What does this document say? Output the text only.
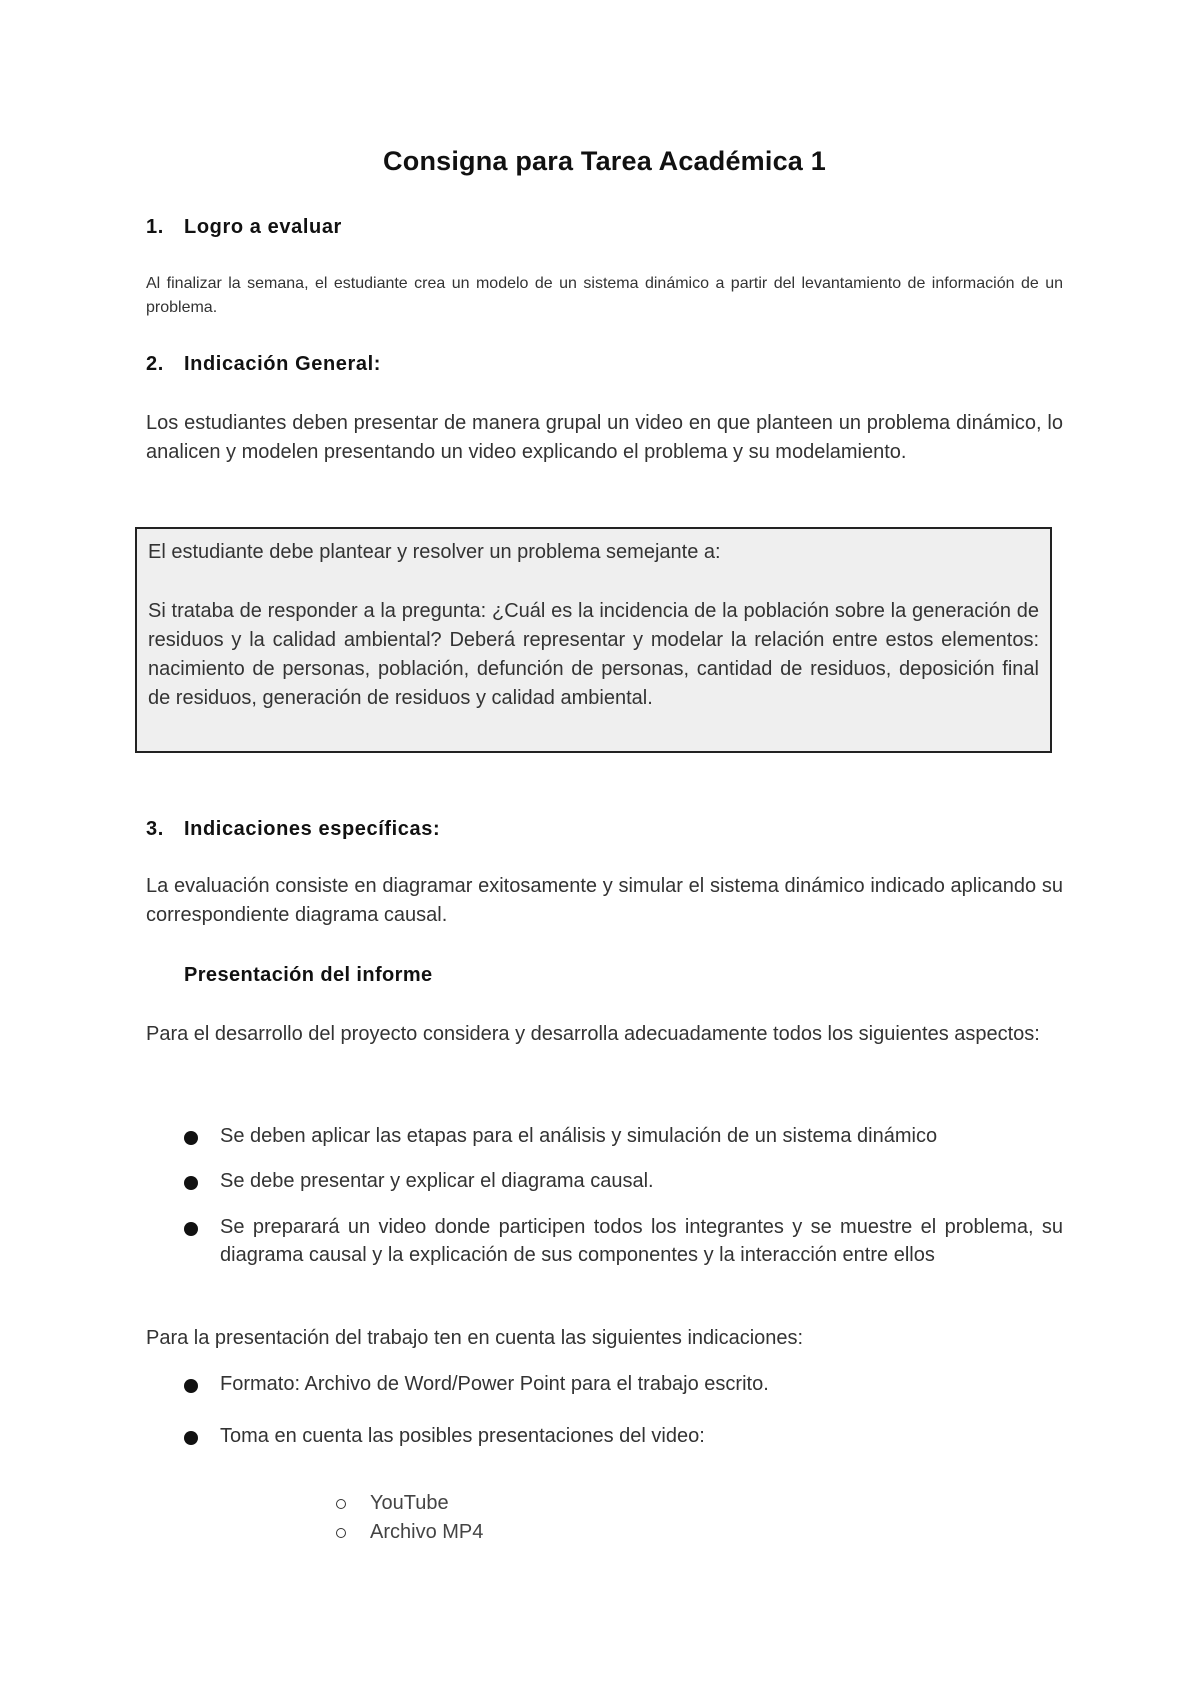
Consigna para Tarea Académica 1
1. Logro a evaluar
Al finalizar la semana, el estudiante crea un modelo de un sistema dinámico a partir del levantamiento de información de un problema.
2. Indicación General:
Los estudiantes deben presentar de manera grupal un video en que planteen un problema dinámico, lo analicen y modelen presentando un video explicando el problema y su modelamiento.
El estudiante debe plantear y resolver un problema semejante a:
Si trataba de responder a la pregunta: ¿Cuál es la incidencia de la población sobre la generación de residuos y la calidad ambiental? Deberá representar y modelar la relación entre estos elementos: nacimiento de personas, población, defunción de personas, cantidad de residuos, deposición final de residuos, generación de residuos y calidad ambiental.
3. Indicaciones específicas:
La evaluación consiste en diagramar exitosamente y simular el sistema dinámico indicado aplicando su correspondiente diagrama causal.
Presentación del informe
Para el desarrollo del proyecto considera y desarrolla adecuadamente todos los siguientes aspectos:
Se deben aplicar las etapas para el análisis y simulación de un sistema dinámico
Se debe presentar y explicar el diagrama causal.
Se preparará un video donde participen todos los integrantes y se muestre el problema, su diagrama causal y la explicación de sus componentes y la interacción entre ellos
Para la presentación del trabajo ten en cuenta las siguientes indicaciones:
Formato: Archivo de Word/Power Point para el trabajo escrito.
Toma en cuenta las posibles presentaciones del video:
YouTube
Archivo MP4
